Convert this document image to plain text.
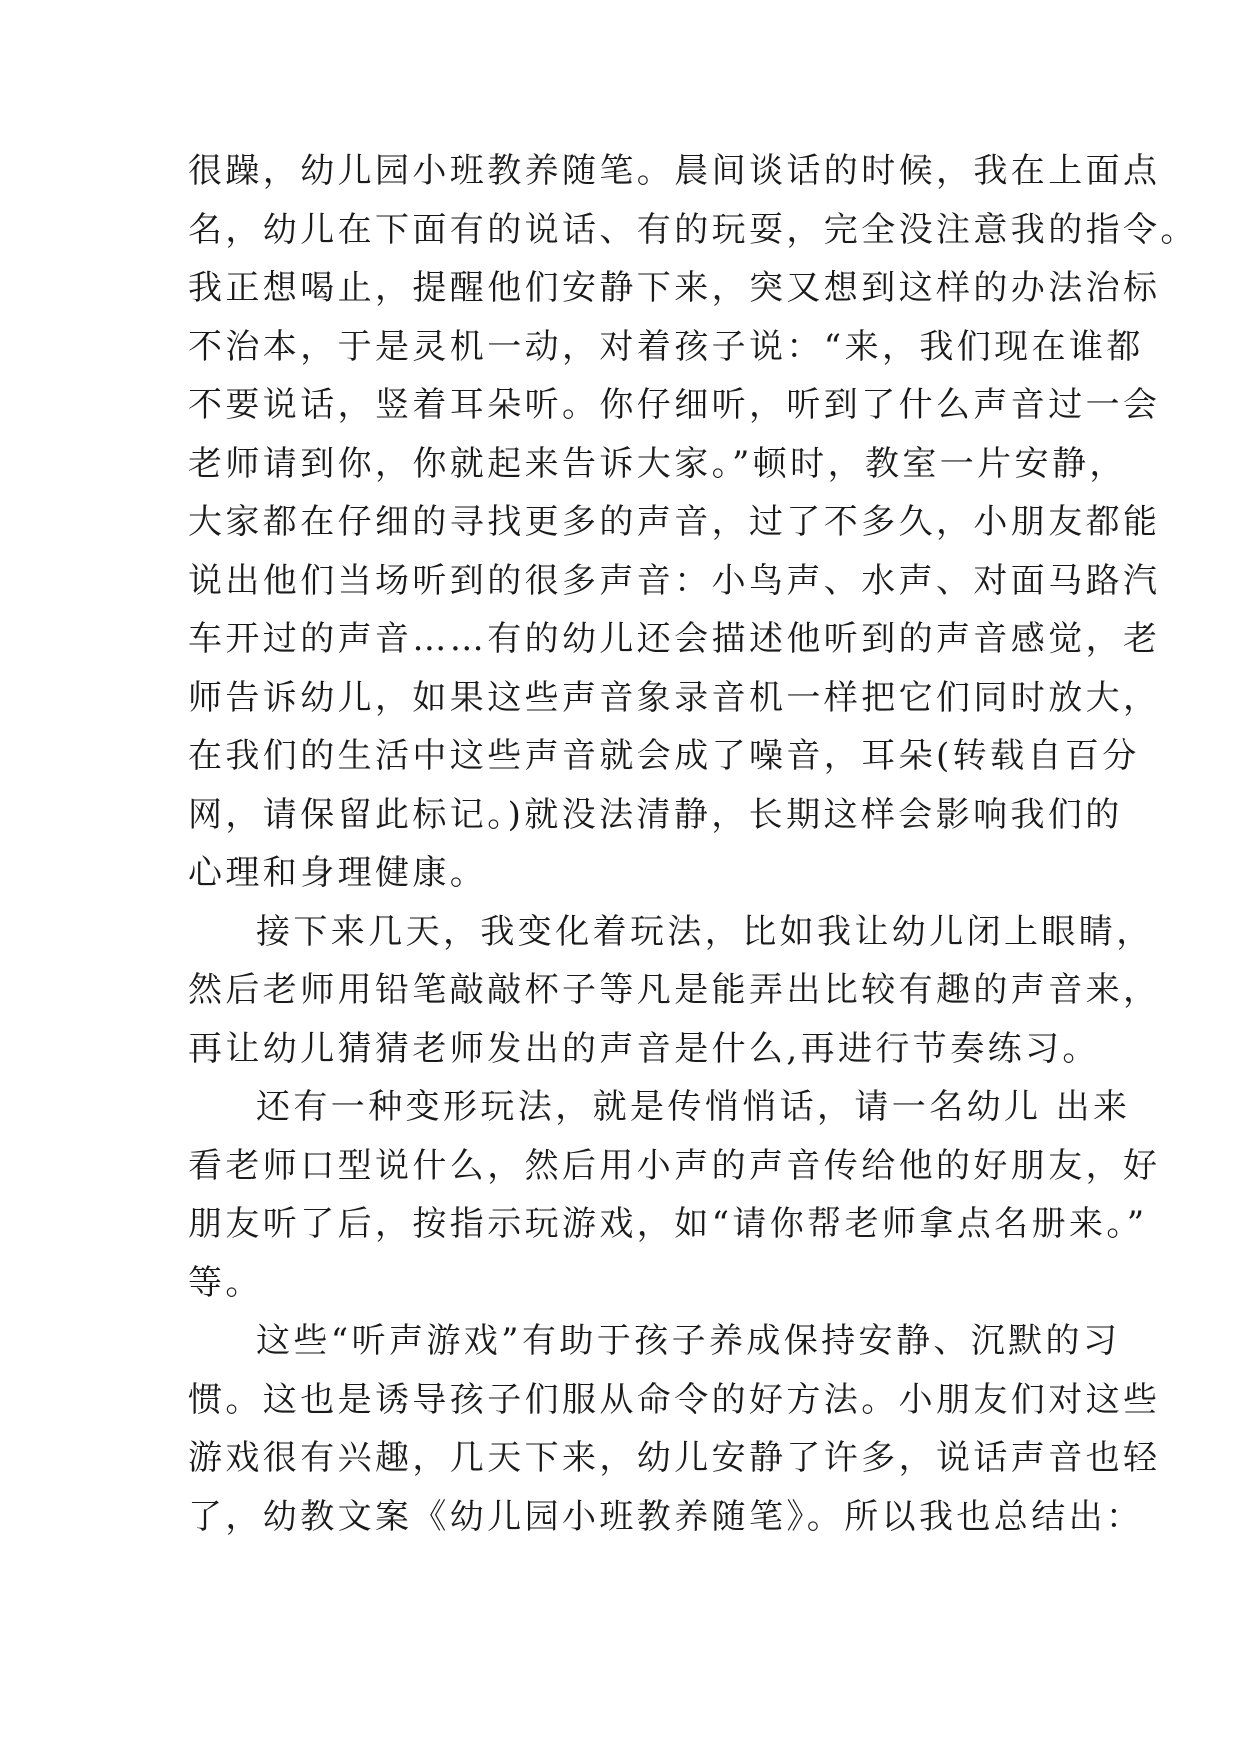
很躁，幼儿园小班教养随笔。晨间谈话的时候，我在上面点
名，幼儿在下面有的说话、有的玩耍，完全没注意我的指令。
我正想喝止，提醒他们安静下来，突又想到这样的办法治标
不治本，于是灵机一动，对着孩子说：“来，我们现在谁都
不要说话，竖着耳朵听。你仔细听，听到了什么声音过一会
老师请到你，你就起来告诉大家。”顿时，教室一片安静，
大家都在仔细的寻找更多的声音，过了不多久，小朋友都能
说出他们当场听到的很多声音：小鸟声、水声、对面马路汽
车开过的声音……有的幼儿还会描述他听到的声音感觉，老
师告诉幼儿，如果这些声音象录音机一样把它们同时放大，
在我们的生活中这些声音就会成了噪音，耳朵(转载自百分
网，请保留此标记。)就没法清静，长期这样会影响我们的
心理和身理健康。
接下来几天，我变化着玩法，比如我让幼儿闭上眼睛，
然后老师用铅笔敲敲杯子等凡是能弄出比较有趣的声音来，
再让幼儿猜猜老师发出的声音是什么,再进行节奏练习。
还有一种变形玩法，就是传悄悄话，请一名幼儿 出来
看老师口型说什么，然后用小声的声音传给他的好朋友，好
朋友听了后，按指示玩游戏，如“请你帮老师拿点名册来。”
等。
这些“听声游戏”有助于孩子养成保持安静、沉默的习
惯。这也是诱导孩子们服从命令的好方法。小朋友们对这些
游戏很有兴趣，几天下来，幼儿安静了许多，说话声音也轻
了，幼教文案《幼儿园小班教养随笔》。所以我也总结出：
